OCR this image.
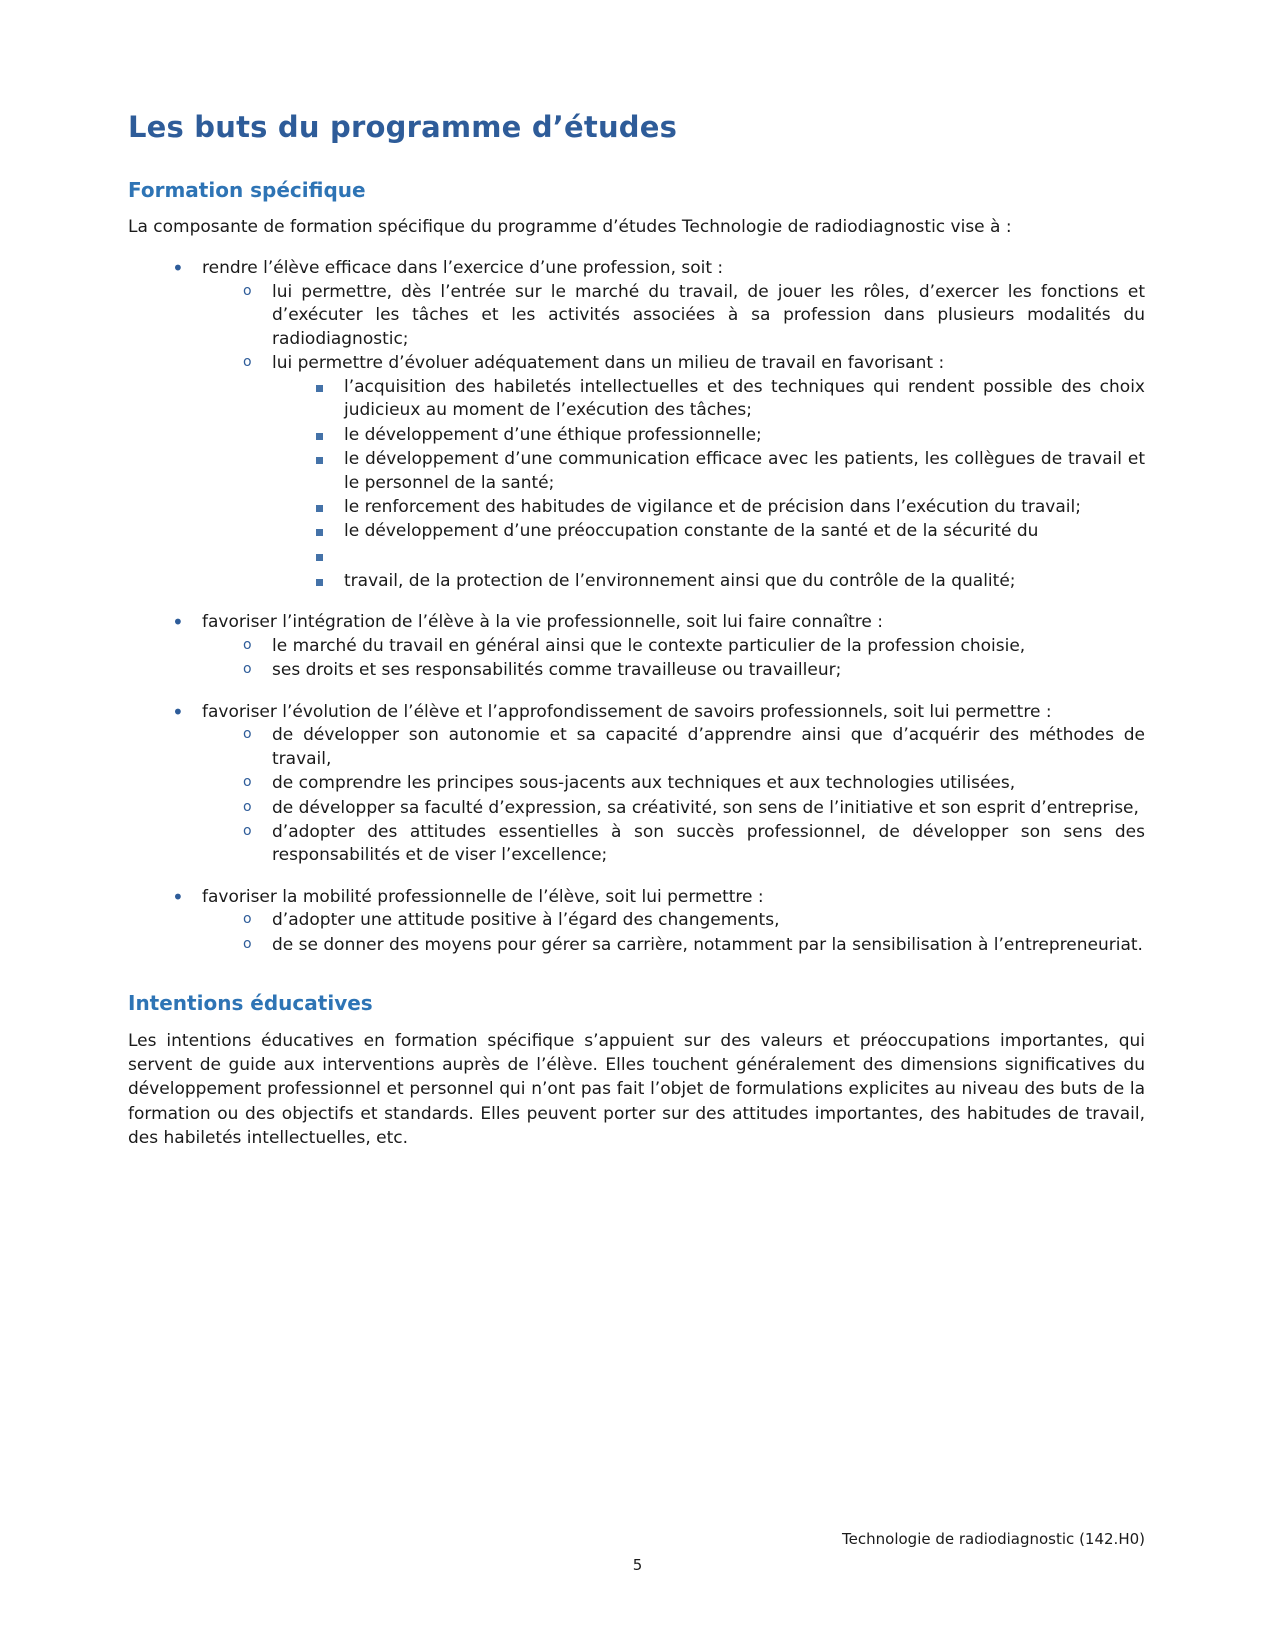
Les buts du programme d’études
Formation spécifique

La composante de formation spécifique du programme d’études Technologie de radiodiagnostic vise à :

• rendre l’élève efficace dans l’exercice d’une profession, soit :
o lui permettre, dès l’entrée sur le marché du travail, de jouer les rôles, d’exercer les fonctions et d’exécuter les tâches et les activités associées à sa profession dans plusieurs modalités du radiodiagnostic;
o lui permettre d’évoluer adéquatement dans un milieu de travail en favorisant :
l’acquisition des habiletés intellectuelles et des techniques qui rendent possible des choix judicieux au moment de l’exécution des tâches;
le développement d’une éthique professionnelle;
le développement d’une communication efficace avec les patients, les collègues de travail et le personnel de la santé;
le renforcement des habitudes de vigilance et de précision dans l’exécution du travail;
le développement d’une préoccupation constante de la santé et de la sécurité du
travail, de la protection de l’environnement ainsi que du contrôle de la qualité;
• favoriser l’intégration de l’élève à la vie professionnelle, soit lui faire connaître :
o le marché du travail en général ainsi que le contexte particulier de la profession choisie,
o ses droits et ses responsabilités comme travailleuse ou travailleur;
• favoriser l’évolution de l’élève et l’approfondissement de savoirs professionnels, soit lui permettre :
o de développer son autonomie et sa capacité d’apprendre ainsi que d’acquérir des méthodes de travail,
o de comprendre les principes sous-jacents aux techniques et aux technologies utilisées,
o de développer sa faculté d’expression, sa créativité, son sens de l’initiative et son esprit d’entreprise,
o d’adopter des attitudes essentielles à son succès professionnel, de développer son sens des responsabilités et de viser l’excellence;
• favoriser la mobilité professionnelle de l’élève, soit lui permettre :
o d’adopter une attitude positive à l’égard des changements,
o de se donner des moyens pour gérer sa carrière, notamment par la sensibilisation à l’entrepreneuriat.
Intentions éducatives

Les intentions éducatives en formation spécifique s’appuient sur des valeurs et préoccupations importantes, qui servent de guide aux interventions auprès de l’élève. Elles touchent généralement des dimensions significatives du développement professionnel et personnel qui n’ont pas fait l’objet de formulations explicites au niveau des buts de la formation ou des objectifs et standards. Elles peuvent porter sur des attitudes importantes, des habitudes de travail, des habiletés intellectuelles, etc.

Technologie de radiodiagnostic (142.H0)
5
